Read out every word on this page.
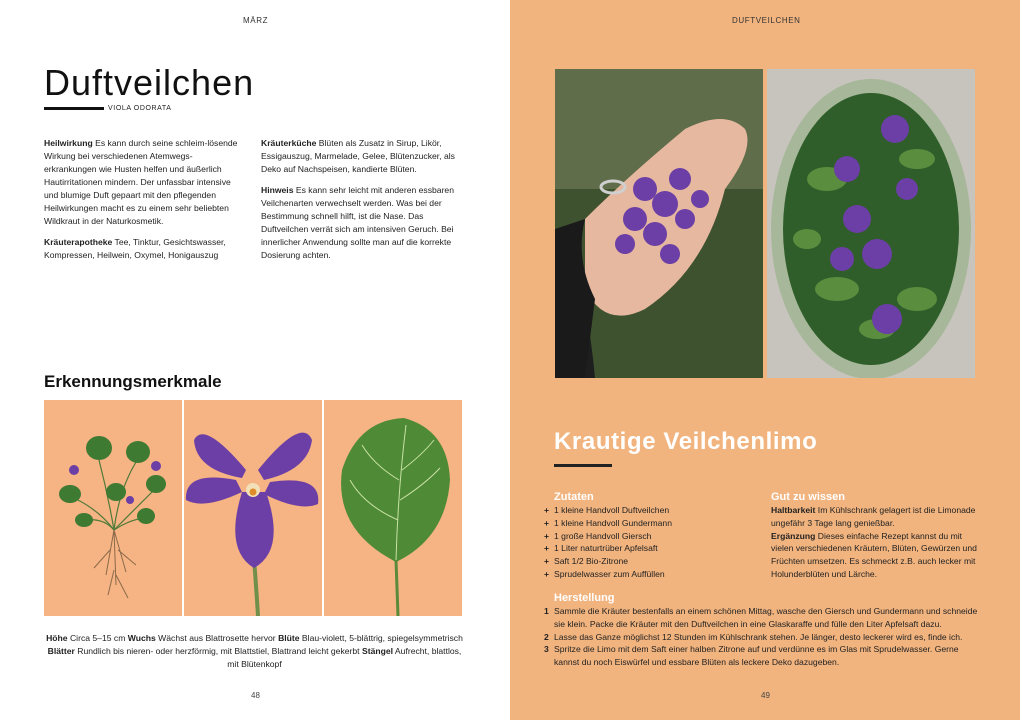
MÄRZ
Duftveilchen
VIOLA ODORATA

Heilwirkung Es kann durch seine schleim-lösende Wirkung bei verschiedenen Atemwegs-erkrankungen wie Husten helfen und äußerlich Hautirritationen mindern. Der unfassbar intensive und blumige Duft gepaart mit den pflegenden Heilwirkungen macht es zu einem sehr beliebten Wildkraut in der Naturkosmetik.

Kräuterapotheke Tee, Tinktur, Gesichtswasser, Kompressen, Heilwein, Oxymel, Honigauszug

Kräuterküche Blüten als Zusatz in Sirup, Likör, Essigauszug, Marmelade, Gelee, Blütenzucker, als Deko auf Nachspeisen, kandierte Blüten.

Hinweis Es kann sehr leicht mit anderen essbaren Veilchenarten verwechselt werden. Was bei der Bestimmung schnell hilft, ist die Nase. Das Duftveilchen verrät sich am intensiven Geruch. Bei innerlicher Anwendung sollte man auf die korrekte Dosierung achten.

Erkennungsmerkmale

Höhe Circa 5–15 cm Wuchs Wächst aus Blattrosette hervor Blüte Blau-violett, 5-blättrig, spiegelsymmetrisch Blätter Rundlich bis nieren- oder herzförmig, mit Blattstiel, Blattrand leicht gekerbt Stängel Aufrecht, blattlos, mit Blütenkopf

48
DUFTVEILCHEN
Krautige Veilchenlimo
Zutaten
+ 1 kleine Handvoll Duftveilchen
+ 1 kleine Handvoll Gundermann
+ 1 große Handvoll Giersch
+ 1 Liter naturtrüber Apfelsaft
+ Saft 1/2 Bio-Zitrone
+ Sprudelwasser zum Auffüllen
Gut zu wissen
Haltbarkeit Im Kühlschrank gelagert ist die Limonade ungefähr 3 Tage lang genießbar.
Ergänzung Dieses einfache Rezept kannst du mit vielen verschiedenen Kräutern, Blüten, Gewürzen und Früchten umsetzen. Es schmeckt z.B. auch lecker mit Holunderblüten und Lärche.
Herstellung
1 Sammle die Kräuter bestenfalls an einem schönen Mittag, wasche den Giersch und Gundermann und schneide sie klein. Packe die Kräuter mit den Duftveilchen in eine Glaskaraffe und fülle den Liter Apfelsaft dazu.
2 Lasse das Ganze möglichst 12 Stunden im Kühlschrank stehen. Je länger, desto leckerer wird es, finde ich.
3 Spritze die Limo mit dem Saft einer halben Zitrone auf und verdünne es im Glas mit Sprudelwasser. Gerne kannst du noch Eiswürfel und essbare Blüten als leckere Deko dazugeben.
49
